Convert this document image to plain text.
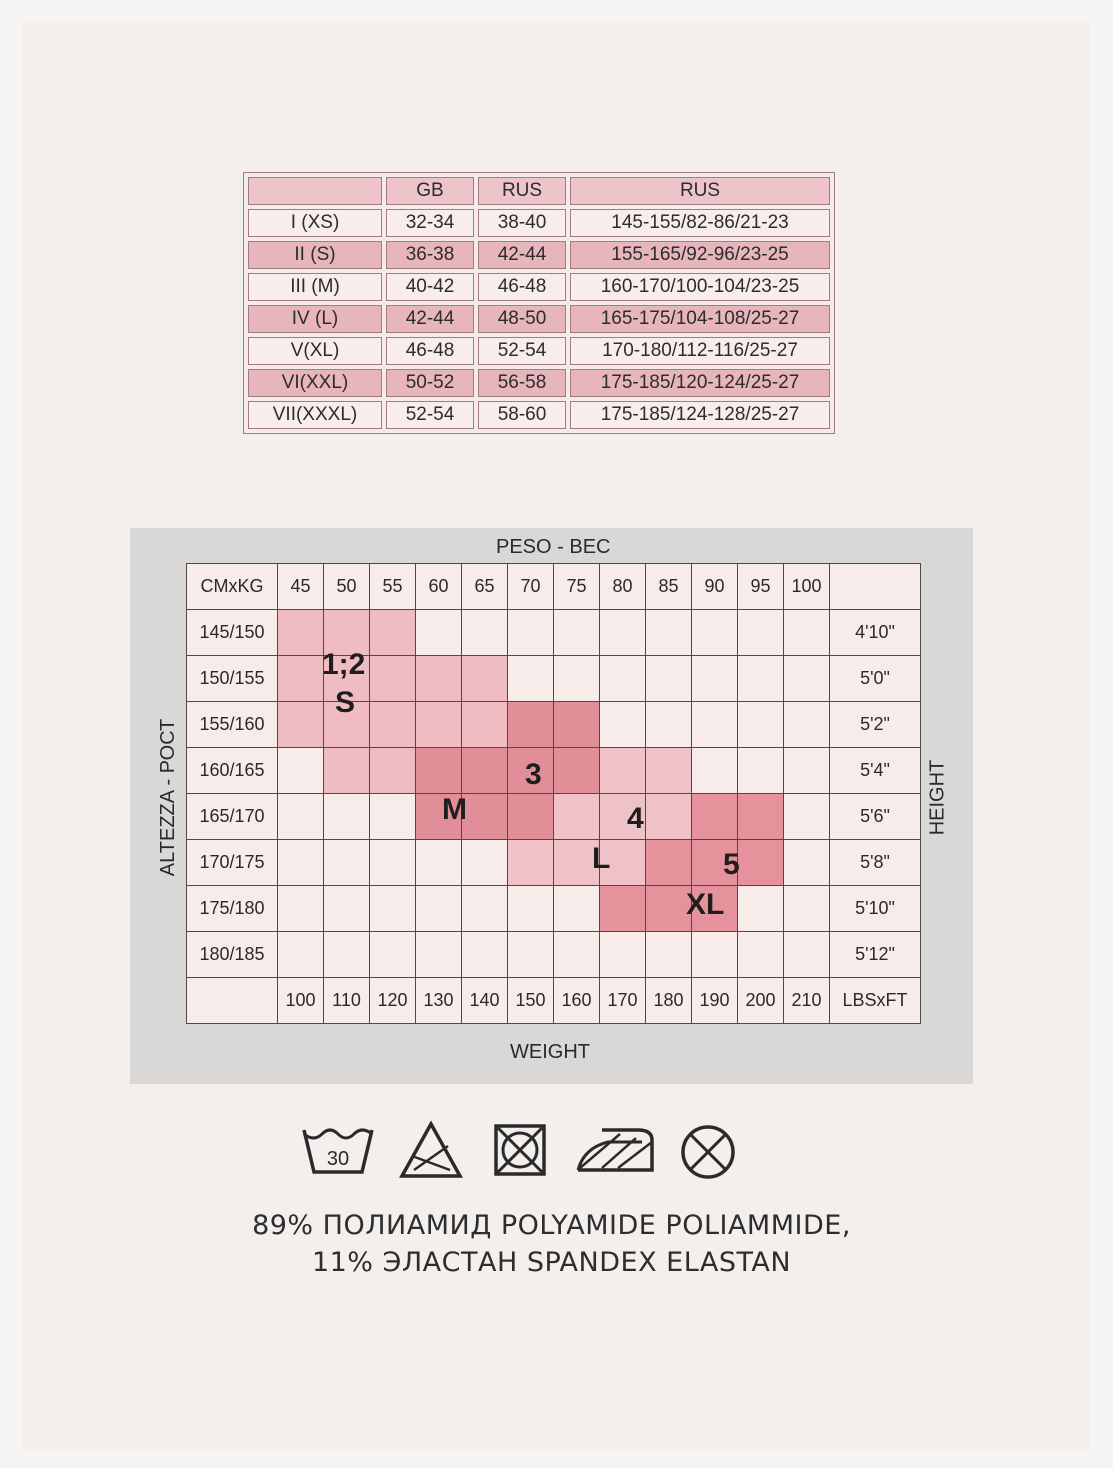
	GB	RUS	RUS
I (XS)	32-34	38-40	145-155/82-86/21-23
II (S)	36-38	42-44	155-165/92-96/23-25
III (M)	40-42	46-48	160-170/100-104/23-25
IV (L)	42-44	48-50	165-175/104-108/25-27
V(XL)	46-48	52-54	170-180/112-116/25-27
VI(XXL)	50-52	56-58	175-185/120-124/25-27
VII(XXXL)	52-54	58-60	175-185/124-128/25-27
PESO - ВЕС
WEIGHT
ALTEZZA - РОСТ	HEIGHT
CMxKG	45	50	55	60	65	70	75	80	85	90	95	100	
145/150													4'10"
150/155													5'0"
155/160													5'2"
160/165													5'4"
165/170													5'6"
170/175													5'8"
175/180													5'10"
180/185													5'12"
	100	110	120	130	140	150	160	170	180	190	200	210	LBSxFT
1;2
S
3
M	4
L	5
XL
30
89% ПОЛИАМИД POLYAMIDE POLIAMMIDE,
11% ЭЛАСТАН SPANDEX ELASTAN
